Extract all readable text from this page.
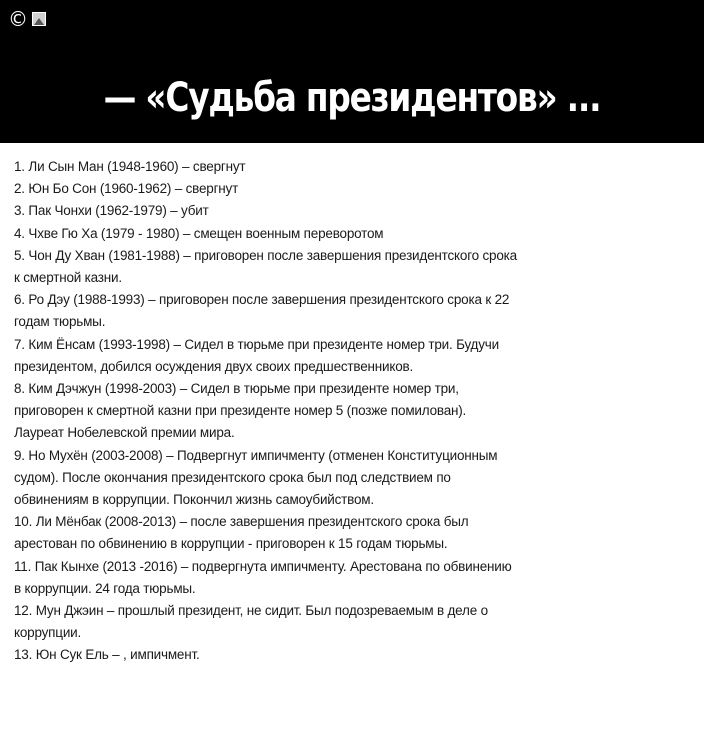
©
— «Судьба президентов» ...
1. Ли Сын Ман (1948-1960) – свергнут
2. Юн Бо Сон (1960-1962) – свергнут
3. Пак Чонхи (1962-1979) – убит
4. Чхве Гю Ха (1979 - 1980) – смещен военным переворотом
5. Чон Ду Хван (1981-1988) – приговорен после завершения президентского срока
к смертной казни.
6. Ро Дэу (1988-1993) – приговорен после завершения президентского срока к 22
годам тюрьмы.
7. Ким Ёнсам (1993-1998) – Сидел в тюрьме при президенте номер три. Будучи
президентом, добился осуждения двух своих предшественников.
8. Ким Дэчжун (1998-2003) – Сидел в тюрьме при президенте номер три,
приговорен к смертной казни при президенте номер 5 (позже помилован).
Лауреат Нобелевской премии мира.
9. Но Мухён (2003-2008) – Подвергнут импичменту (отменен Конституционным
судом). После окончания президентского срока был под следствием по
обвинениям в коррупции. Покончил жизнь самоубийством.
10. Ли Мёнбак (2008-2013) – после завершения президентского срока был
арестован по обвинению в коррупции - приговорен к 15 годам тюрьмы.
11. Пак Кынхе (2013 -2016) – подвергнута импичменту. Арестована по обвинению
в коррупции. 24 года тюрьмы.
12. Мун Джэин – прошлый президент, не сидит. Был подозреваемым в деле о
коррупции.
13. Юн Сук Ель – , импичмент.
